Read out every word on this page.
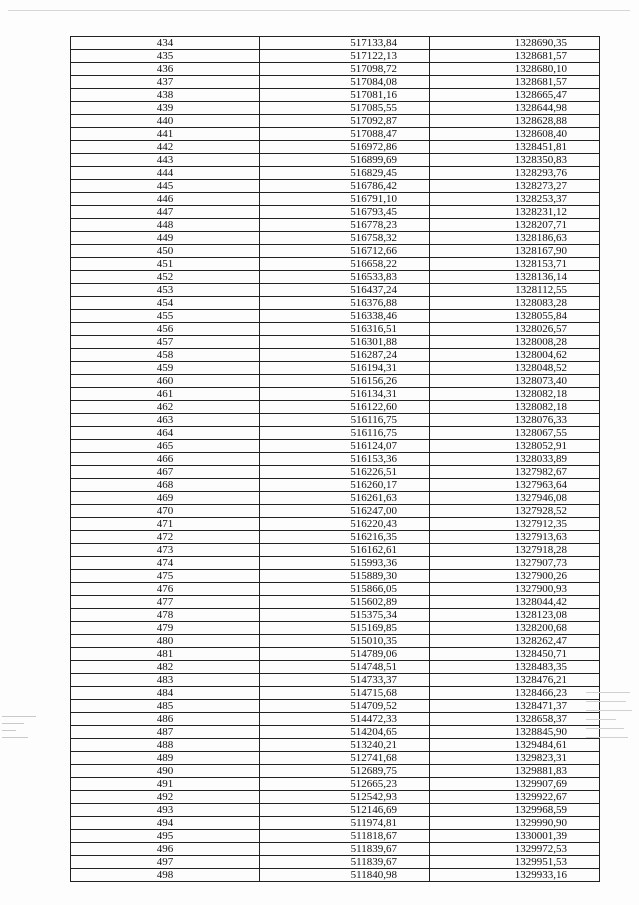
434	517133,84	1328690,35
435	517122,13	1328681,57
436	517098,72	1328680,10
437	517084,08	1328681,57
438	517081,16	1328665,47
439	517085,55	1328644,98
440	517092,87	1328628,88
441	517088,47	1328608,40
442	516972,86	1328451,81
443	516899,69	1328350,83
444	516829,45	1328293,76
445	516786,42	1328273,27
446	516791,10	1328253,37
447	516793,45	1328231,12
448	516778,23	1328207,71
449	516758,32	1328186,63
450	516712,66	1328167,90
451	516658,22	1328153,71
452	516533,83	1328136,14
453	516437,24	1328112,55
454	516376,88	1328083,28
455	516338,46	1328055,84
456	516316,51	1328026,57
457	516301,88	1328008,28
458	516287,24	1328004,62
459	516194,31	1328048,52
460	516156,26	1328073,40
461	516134,31	1328082,18
462	516122,60	1328082,18
463	516116,75	1328076,33
464	516116,75	1328067,55
465	516124,07	1328052,91
466	516153,36	1328033,89
467	516226,51	1327982,67
468	516260,17	1327963,64
469	516261,63	1327946,08
470	516247,00	1327928,52
471	516220,43	1327912,35
472	516216,35	1327913,63
473	516162,61	1327918,28
474	515993,36	1327907,73
475	515889,30	1327900,26
476	515866,05	1327900,93
477	515602,89	1328044,42
478	515375,34	1328123,08
479	515169,85	1328200,68
480	515010,35	1328262,47
481	514789,06	1328450,71
482	514748,51	1328483,35
483	514733,37	1328476,21
484	514715,68	1328466,23
485	514709,52	1328471,37
486	514472,33	1328658,37
487	514204,65	1328845,90
488	513240,21	1329484,61
489	512741,68	1329823,31
490	512689,75	1329881,83
491	512665,23	1329907,69
492	512542,93	1329922,67
493	512146,69	1329968,59
494	511974,81	1329990,90
495	511818,67	1330001,39
496	511839,67	1329972,53
497	511839,67	1329951,53
498	511840,98	1329933,16
